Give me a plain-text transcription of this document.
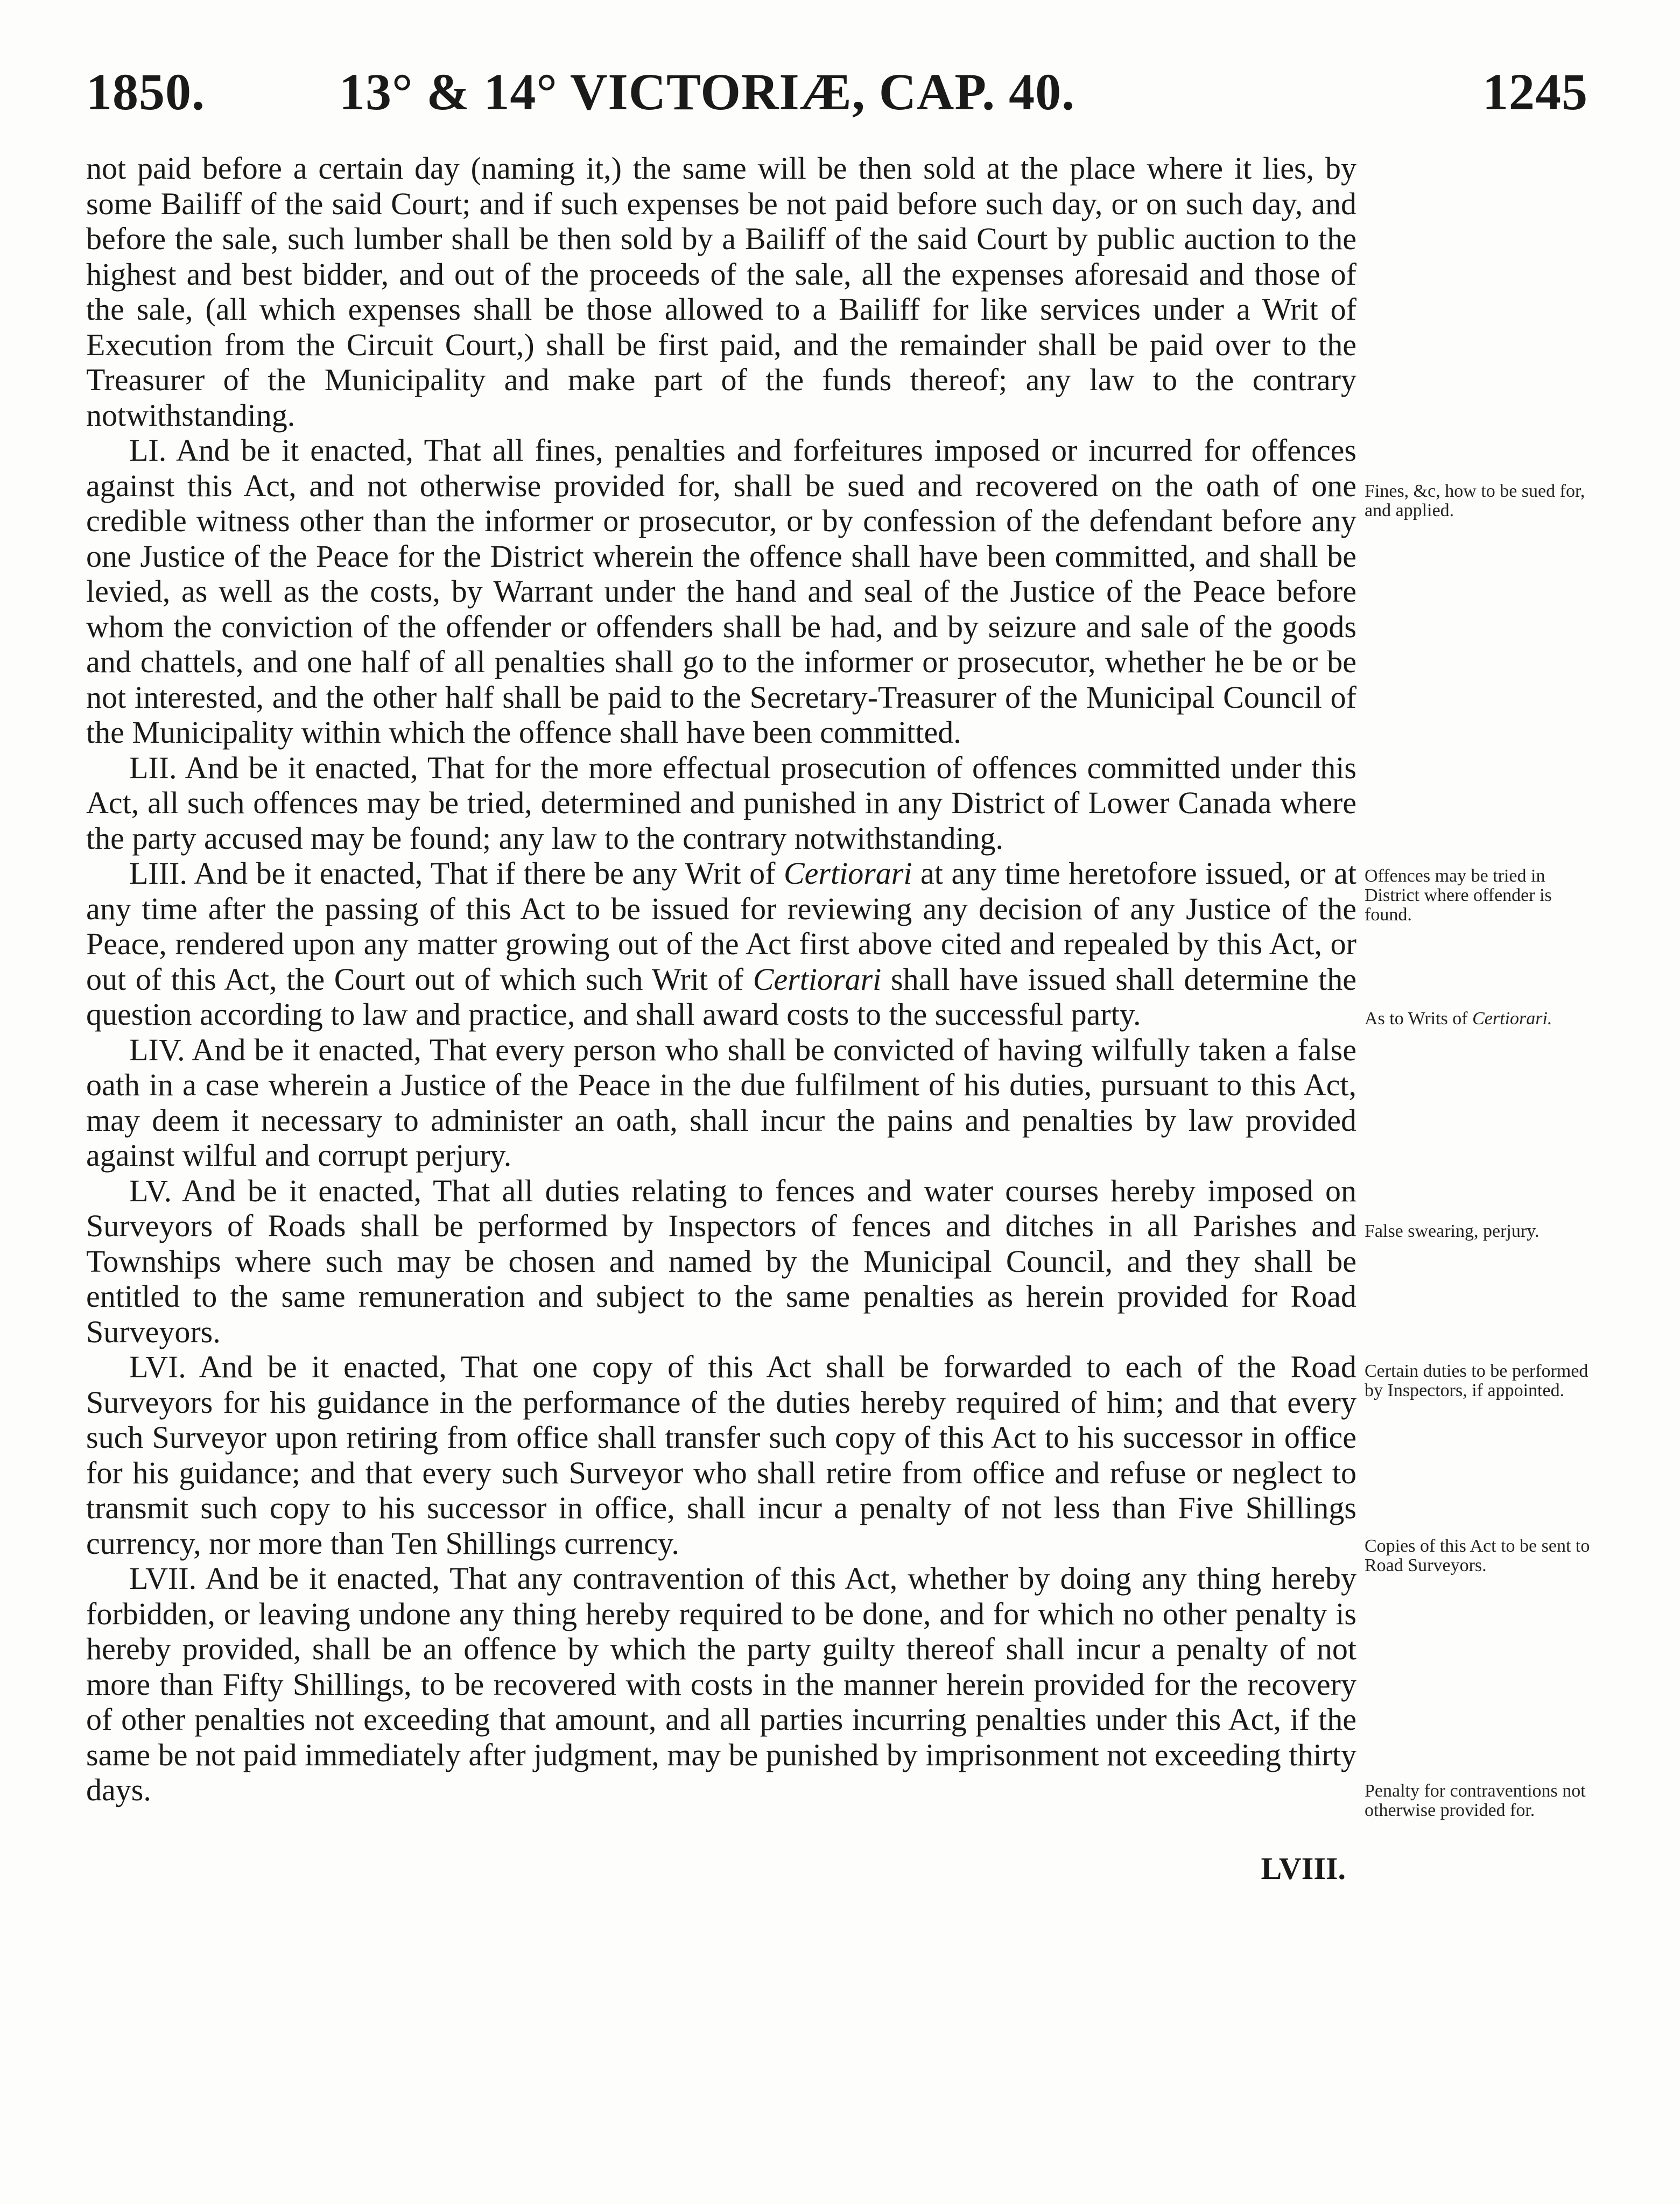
1850.	13° & 14° VICTORIÆ, CAP. 40.	1245

not paid before a certain day (naming it,) the same will be then sold at the place where it lies, by some Bailiff of the said Court; and if such expenses be not paid before such day, or on such day, and before the sale, such lumber shall be then sold by a Bailiff of the said Court by public auction to the highest and best bidder, and out of the proceeds of the sale, all the expenses aforesaid and those of the sale, (all which expenses shall be those allowed to a Bailiff for like services under a Writ of Execution from the Circuit Court,) shall be first paid, and the remainder shall be paid over to the Treasurer of the Municipality and make part of the funds thereof; any law to the contrary notwithstanding.

LI. And be it enacted, That all fines, penalties and forfeitures imposed or incurred for offences against this Act, and not otherwise provided for, shall be sued and recovered on the oath of one credible witness other than the informer or prosecutor, or by confession of the defendant before any one Justice of the Peace for the District wherein the offence shall have been committed, and shall be levied, as well as the costs, by Warrant under the hand and seal of the Justice of the Peace before whom the conviction of the offender or offenders shall be had, and by seizure and sale of the goods and chattels, and one half of all penalties shall go to the informer or prosecutor, whether he be or be not interested, and the other half shall be paid to the Secretary-Treasurer of the Municipal Council of the Municipality within which the offence shall have been committed.

LII. And be it enacted, That for the more effectual prosecution of offences committed under this Act, all such offences may be tried, determined and punished in any District of Lower Canada where the party accused may be found; any law to the contrary notwithstanding.

LIII. And be it enacted, That if there be any Writ of Certiorari at any time heretofore issued, or at any time after the passing of this Act to be issued for reviewing any decision of any Justice of the Peace, rendered upon any matter growing out of the Act first above cited and repealed by this Act, or out of this Act, the Court out of which such Writ of Certiorari shall have issued shall determine the question according to law and practice, and shall award costs to the successful party.

LIV. And be it enacted, That every person who shall be convicted of having wilfully taken a false oath in a case wherein a Justice of the Peace in the due fulfilment of his duties, pursuant to this Act, may deem it necessary to administer an oath, shall incur the pains and penalties by law provided against wilful and corrupt perjury.

LV. And be it enacted, That all duties relating to fences and water courses hereby imposed on Surveyors of Roads shall be performed by Inspectors of fences and ditches in all Parishes and Townships where such may be chosen and named by the Municipal Council, and they shall be entitled to the same remuneration and subject to the same penalties as herein provided for Road Surveyors.

LVI. And be it enacted, That one copy of this Act shall be forwarded to each of the Road Surveyors for his guidance in the performance of the duties hereby required of him; and that every such Surveyor upon retiring from office shall transfer such copy of this Act to his successor in office for his guidance; and that every such Surveyor who shall retire from office and refuse or neglect to transmit such copy to his successor in office, shall incur a penalty of not less than Five Shillings currency, nor more than Ten Shillings currency.

LVII. And be it enacted, That any contravention of this Act, whether by doing any thing hereby forbidden, or leaving undone any thing hereby required to be done, and for which no other penalty is hereby provided, shall be an offence by which the party guilty thereof shall incur a penalty of not more than Fifty Shillings, to be recovered with costs in the manner herein provided for the recovery of other penalties not exceeding that amount, and all parties incurring penalties under this Act, if the same be not paid immediately after judgment, may be punished by imprisonment not exceeding thirty days.

LVIII.
Fines, &c, how to be sued for, and applied.
Offences may be tried in District where offender is found.
As to Writs of Certiorari.
False swearing, perjury.
Certain duties to be performed by Inspectors, if appointed.
Copies of this Act to be sent to Road Surveyors.
Penalty for contraventions not otherwise provided for.
